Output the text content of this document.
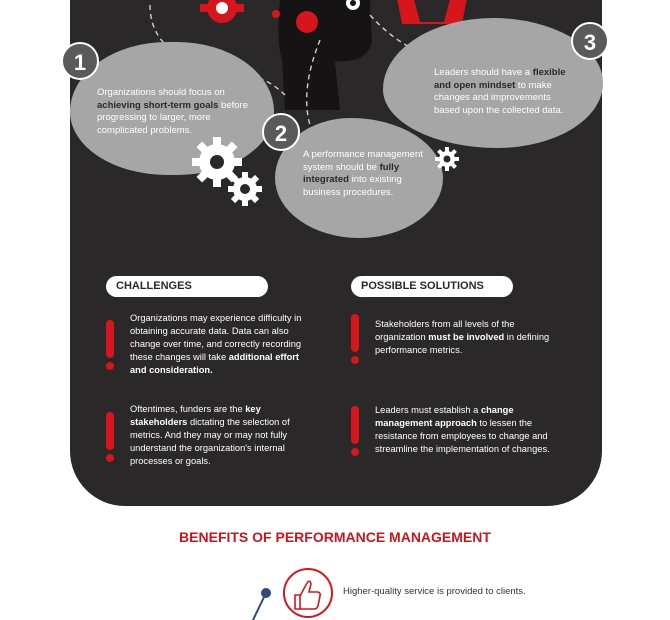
Organizations should focus on achieving short-term goals before progressing to larger, more complicated problems.
A performance management system should be fully integrated into existing business procedures.
Leaders should have a flexible and open mindset to make changes and improvements based upon the collected data.
1
2
3
CHALLENGES	POSSIBLE SOLUTIONS
Organizations may experience difficulty in obtaining accurate data. Data can also change over time, and correctly recording these changes will take additional effort and consideration.
Oftentimes, funders are the key stakeholders dictating the selection of metrics. And they may or may not fully understand the organization's internal processes or goals.
Stakeholders from all levels of the organization must be involved in defining performance metrics.
Leaders must establish a change management approach to lessen the resistance from employees to change and streamline the implementation of changes.
BENEFITS OF PERFORMANCE MANAGEMENT
Higher-quality service is provided to clients.
